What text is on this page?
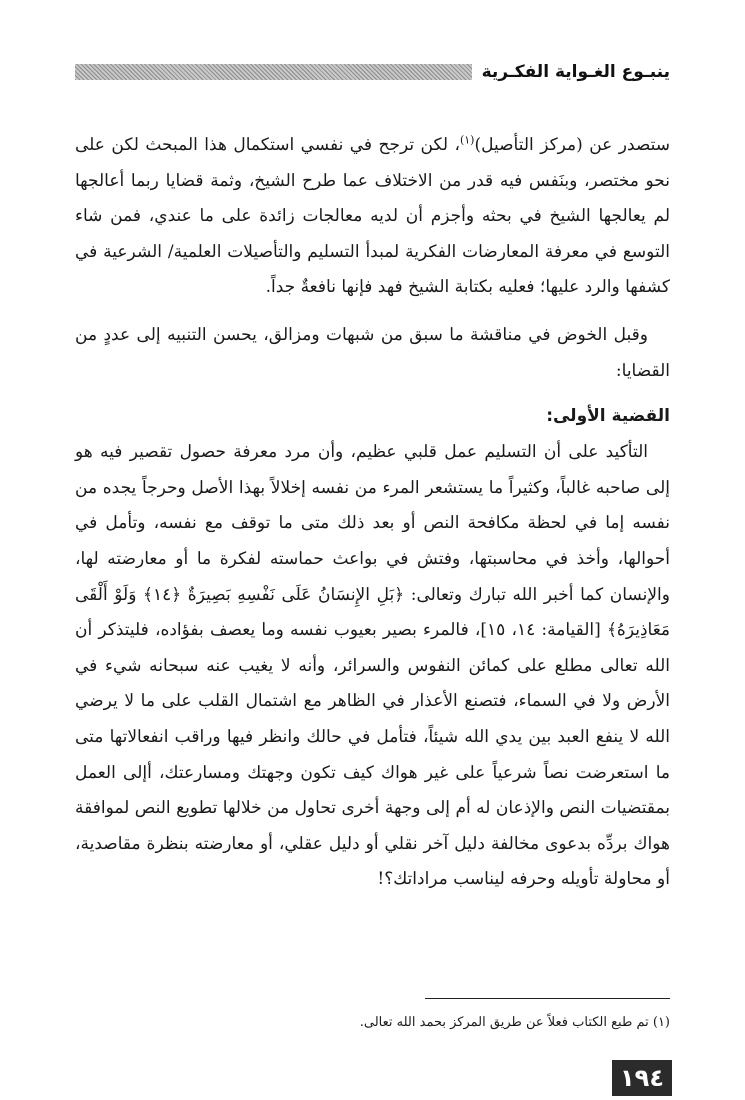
ينبـوع الغـواية الفكـرية

ستصدر عن (مركز التأصيل)$^{(١)}$، لكن ترجح في نفسي استكمال هذا المبحث لكن على نحو مختصر، وبنَفس فيه قدر من الاختلاف عما طرح الشيخ، وثمة قضايا ربما أعالجها لم يعالجها الشيخ في بحثه وأجزم أن لديه معالجات زائدة على ما عندي، فمن شاء التوسع في معرفة المعارضات الفكرية لمبدأ التسليم والتأصيلات العلمية/ الشرعية في كشفها والرد عليها؛ فعليه بكتابة الشيخ فهد فإنها نافعةٌ جداً.

وقبل الخوض في مناقشة ما سبق من شبهات ومزالق، يحسن التنبيه إلى عددٍ من القضايا:

القضية الأولى:

التأكيد على أن التسليم عمل قلبي عظيم، وأن مرد معرفة حصول تقصير فيه هو إلى صاحبه غالباً، وكثيراً ما يستشعر المرء من نفسه إخلالاً بهذا الأصل وحرجاً يجده من نفسه إما في لحظة مكافحة النص أو بعد ذلك متى ما توقف مع نفسه، وتأمل في أحوالها، وأخذ في محاسبتها، وفتش في بواعث حماسته لفكرة ما أو معارضته لها، والإنسان كما أخبر الله تبارك وتعالى: ﴿بَلِ الإِنسَانُ عَلَى نَفْسِهِ بَصِيرَةٌ ﴿١٤﴾ وَلَوْ أَلْقَى مَعَاذِيرَهُ﴾ [القيامة: ١٤، ١٥]، فالمرء بصير بعيوب نفسه وما يعصف بفؤاده، فليتذكر أن الله تعالى مطلع على كمائن النفوس والسرائر، وأنه لا يغيب عنه سبحانه شيء في الأرض ولا في السماء، فتصنع الأعذار في الظاهر مع اشتمال القلب على ما لا يرضي الله لا ينفع العبد بين يدي الله شيئاً، فتأمل في حالك وانظر فيها وراقب انفعالاتها متى ما استعرضت نصاً شرعياً على غير هواك كيف تكون وجهتك ومسارعتك، أإلى العمل بمقتضيات النص والإذعان له أم إلى وجهة أخرى تحاول من خلالها تطويع النص لموافقة هواك بردِّه بدعوى مخالفة دليل آخر نقلي أو دليل عقلي، أو معارضته بنظرة مقاصدية، أو محاولة تأويله وحرفه ليناسب مراداتك؟!

(١) تم طبع الكتاب فعلاً عن طريق المركز بحمد الله تعالى.
١٩٤
